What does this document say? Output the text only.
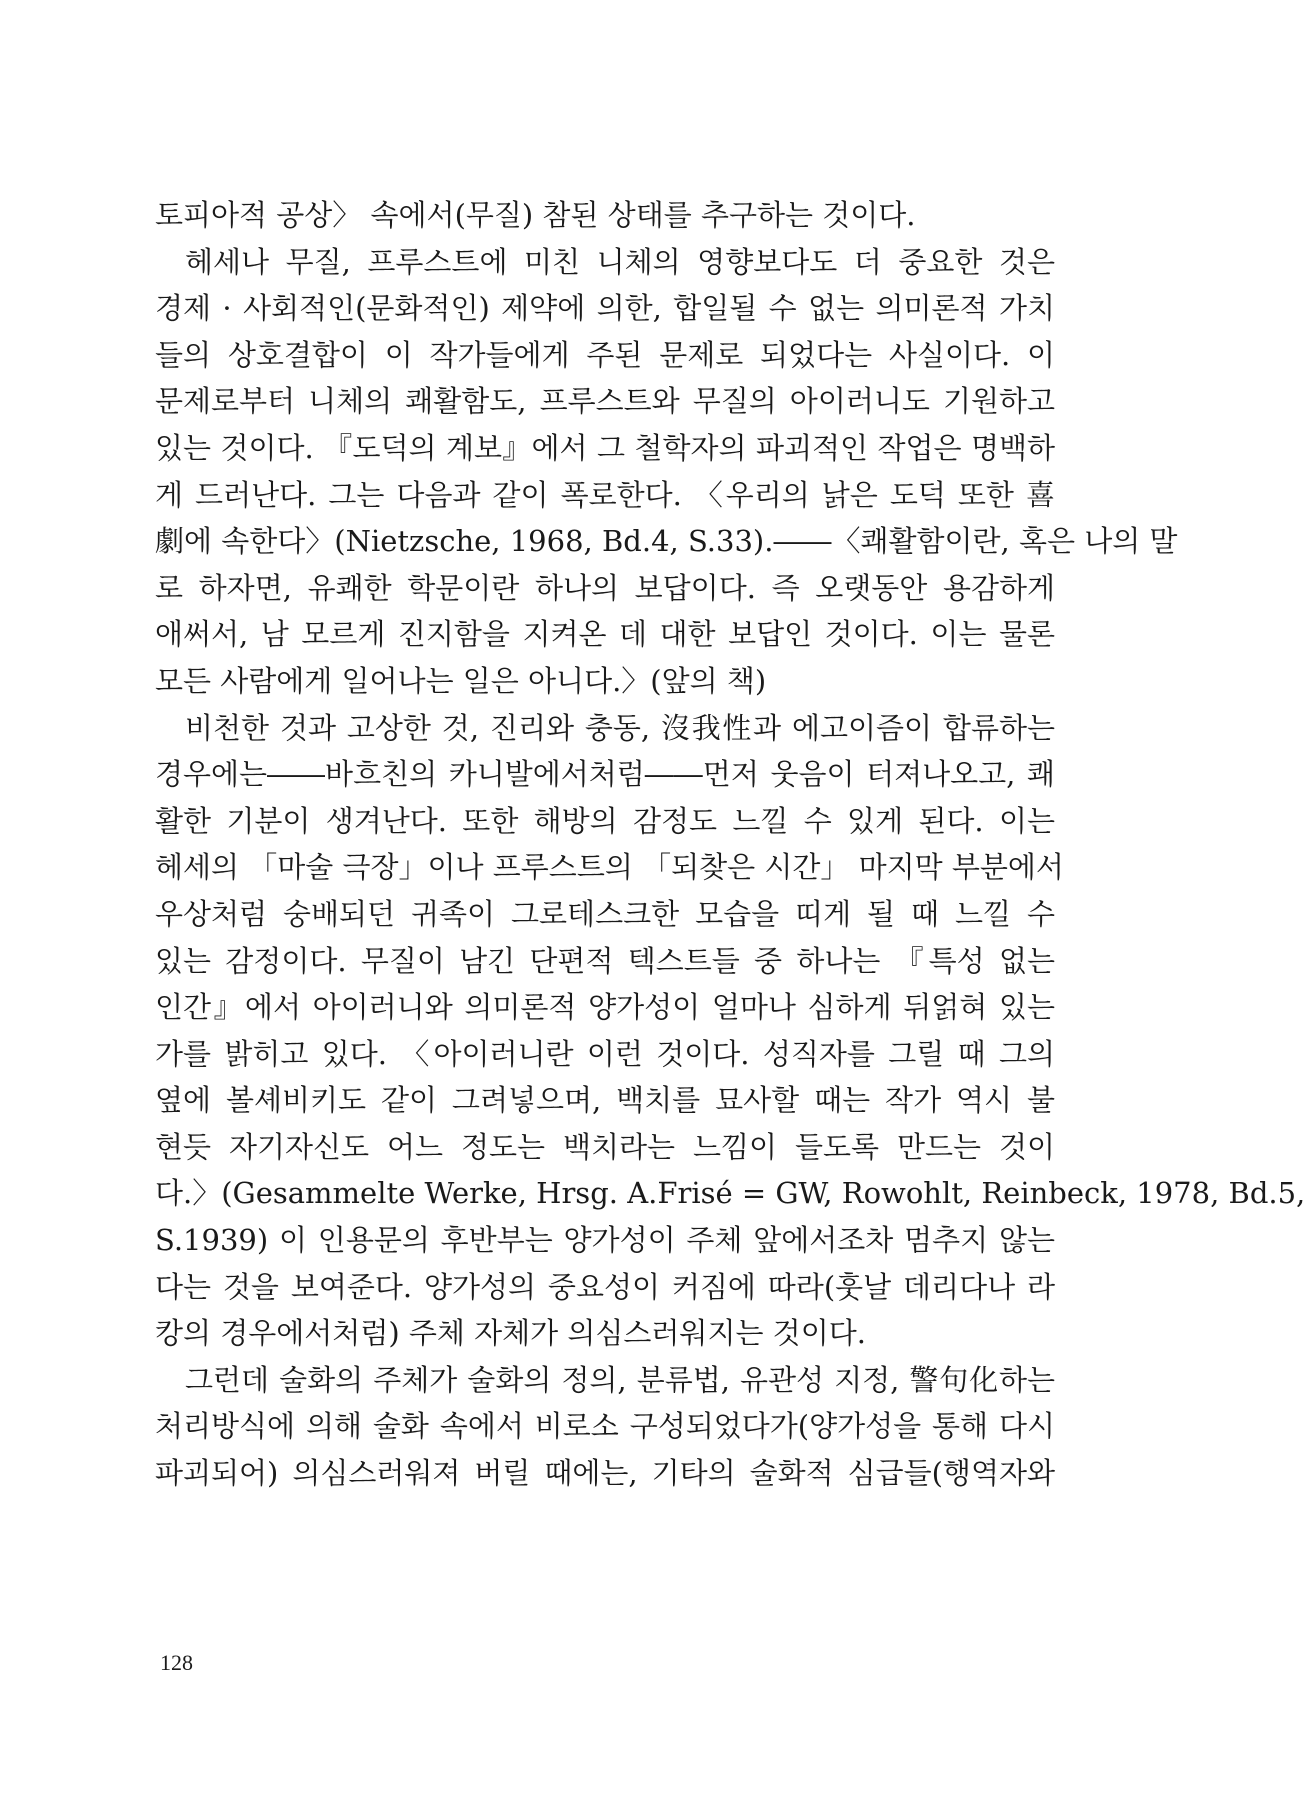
토피아적 공상〉 속에서(무질) 참된 상태를 추구하는 것이다.
헤세나 무질, 프루스트에 미친 니체의 영향보다도 더 중요한 것은
경제 · 사회적인(문화적인) 제약에 의한, 합일될 수 없는 의미론적 가치
들의 상호결합이 이 작가들에게 주된 문제로 되었다는 사실이다. 이
문제로부터 니체의 쾌활함도, 프루스트와 무질의 아이러니도 기원하고
있는 것이다. 『도덕의 계보』에서 그 철학자의 파괴적인 작업은 명백하
게 드러난다. 그는 다음과 같이 폭로한다. 〈우리의 낡은 도덕 또한 喜
劇에 속한다〉(Nietzsche, 1968, Bd.4, S.33).――〈쾌활함이란, 혹은 나의 말
로 하자면, 유쾌한 학문이란 하나의 보답이다. 즉 오랫동안 용감하게
애써서, 남 모르게 진지함을 지켜온 데 대한 보답인 것이다. 이는 물론
모든 사람에게 일어나는 일은 아니다.〉(앞의 책)
비천한 것과 고상한 것, 진리와 충동, 沒我性과 에고이즘이 합류하는
경우에는――바흐친의 카니발에서처럼――먼저 웃음이 터져나오고, 쾌
활한 기분이 생겨난다. 또한 해방의 감정도 느낄 수 있게 된다. 이는
헤세의 「마술 극장」이나 프루스트의 「되찾은 시간」 마지막 부분에서
우상처럼 숭배되던 귀족이 그로테스크한 모습을 띠게 될 때 느낄 수
있는 감정이다. 무질이 남긴 단편적 텍스트들 중 하나는 『특성 없는
인간』에서 아이러니와 의미론적 양가성이 얼마나 심하게 뒤얽혀 있는
가를 밝히고 있다. 〈아이러니란 이런 것이다. 성직자를 그릴 때 그의
옆에 볼셰비키도 같이 그려넣으며, 백치를 묘사할 때는 작가 역시 불
현듯 자기자신도 어느 정도는 백치라는 느낌이 들도록 만드는 것이
다.〉(Gesammelte Werke, Hrsg. A.Frisé = GW, Rowohlt, Reinbeck, 1978, Bd.5,
S.1939) 이 인용문의 후반부는 양가성이 주체 앞에서조차 멈추지 않는
다는 것을 보여준다. 양가성의 중요성이 커짐에 따라(훗날 데리다나 라
캉의 경우에서처럼) 주체 자체가 의심스러워지는 것이다.
그런데 술화의 주체가 술화의 정의, 분류법, 유관성 지정, 警句化하는
처리방식에 의해 술화 속에서 비로소 구성되었다가(양가성을 통해 다시
파괴되어) 의심스러워져 버릴 때에는, 기타의 술화적 심급들(행역자와
128
